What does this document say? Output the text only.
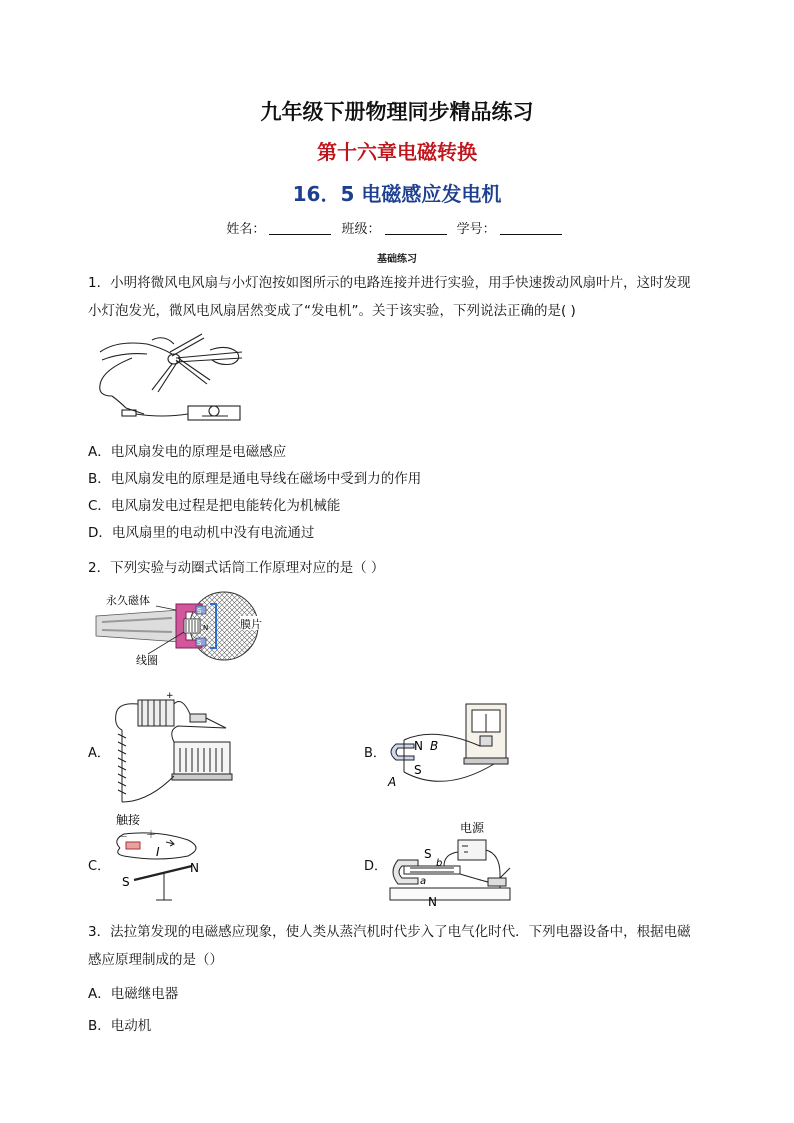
九年级下册物理同步精品练习
第十六章电磁转换
16．5 电磁感应发电机
姓名：	班级：	学号：
基础练习
1．小明将微风电风扇与小灯泡按如图所示的电路连接并进行实验，用手快速拨动风扇叶片，这时发现
小灯泡发光，微风电风扇居然变成了“发电机”。关于该实验，下列说法正确的是( )
A．电风扇发电的原理是电磁感应
B．电风扇发电的原理是通电导线在磁场中受到力的作用
C．电风扇发电过程是把电能转化为机械能
D．电风扇里的电动机中没有电流通过
2．下列实验与动圈式话筒工作原理对应的是（ ）
永久磁体
膜片
线圈
S
S
N
A．
+
B． N B
S
A
C．
触接
－ ＋
I
S
N	D．
电源
S
b
a
N
3．法拉第发现的电磁感应现象，使人类从蒸汽机时代步入了电气化时代．下列电器设备中，根据电磁
感应原理制成的是（）
A．电磁继电器
B．电动机
